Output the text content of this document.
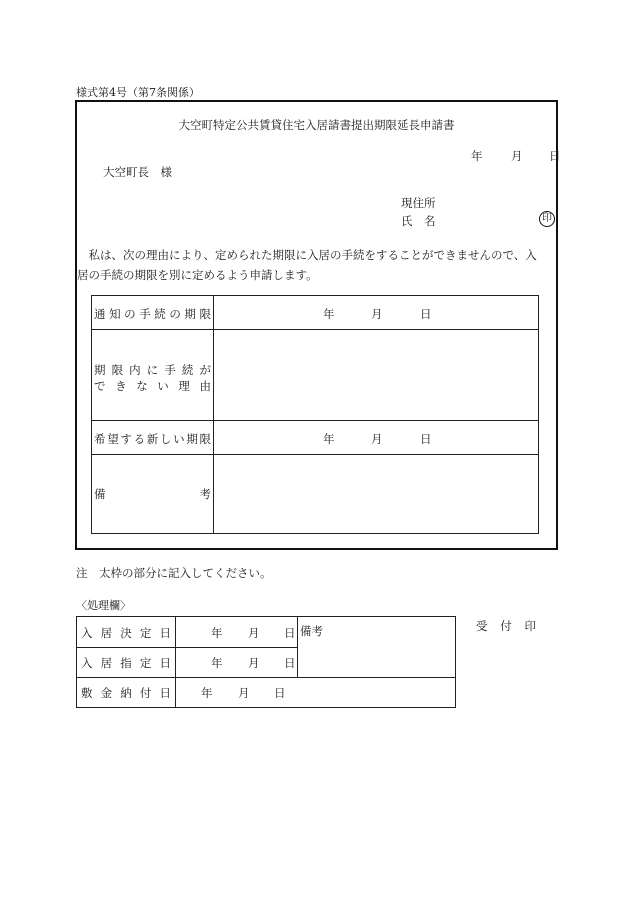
様式第4号（第7条関係）
大空町特定公共賃貸住宅入居請書提出期限延長申請書
年 月 日
大空町長　様
現住所
氏　名	印

　私は、次の理由により、定められた期限に入居の手続をすることができませんので、入

居の手続の期限を別に定めるよう申請します。

通 知 の 手 続 の 期 限	年	月	日
期 限 内 に 手 続 が
で き な い 理 由
希 望 す る 新 し い 期 限	年	月	日
備	考
注　太枠の部分に記入してください。
〈処理欄〉
入 居 決 定 日	年 月 日
入 居 指 定 日	年 月 日
敷 金 納 付 日	年 月 日
備考	受 付 印
